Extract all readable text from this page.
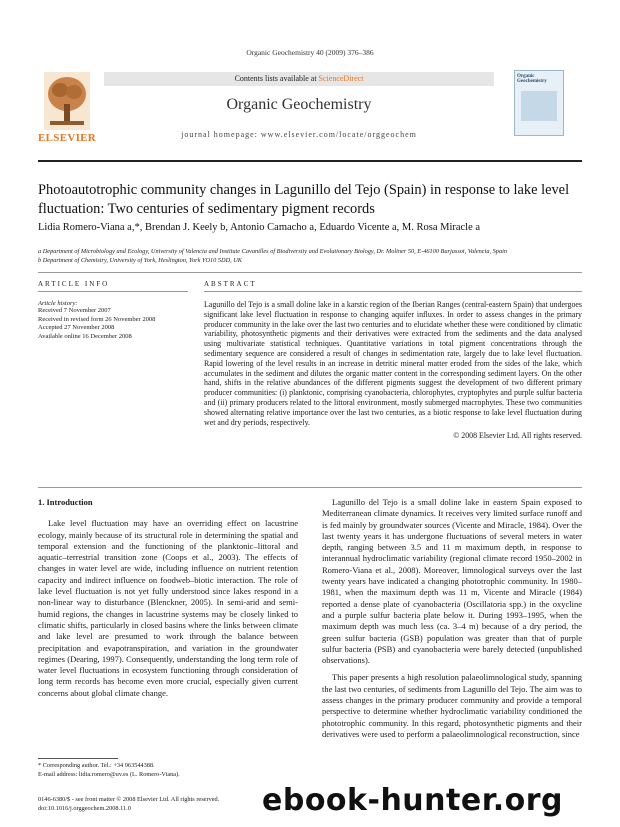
Organic Geochemistry 40 (2009) 376–386
ELSEVIER
Contents lists available at ScienceDirect
Organic Geochemistry
journal homepage: www.elsevier.com/locate/orggeochem
Organic Geochemistry
Photoautotrophic community changes in Lagunillo del Tejo (Spain) in response to lake level fluctuation: Two centuries of sedimentary pigment records
Lidia Romero-Viana a,*, Brendan J. Keely b, Antonio Camacho a, Eduardo Vicente a, M. Rosa Miracle a
a Department of Microbiology and Ecology, University of Valencia and Institute Cavanilles of Biodiversity and Evolutionary Biology, Dr. Moliner 50, E-46100 Burjassot, Valencia, Spain
b Department of Chemistry, University of York, Heslington, York YO10 5DD, UK
ARTICLE INFO
Article history:
Received 7 November 2007
Received in revised form 26 November 2008
Accepted 27 November 2008
Available online 16 December 2008
ABSTRACT
Lagunillo del Tejo is a small doline lake in a karstic region of the Iberian Ranges (central-eastern Spain) that undergoes significant lake level fluctuation in response to changing aquifer influxes. In order to assess changes in the primary producer community in the lake over the last two centuries and to elucidate whether these were conditioned by climatic variability, photosynthetic pigments and their derivatives were extracted from the sediments and the data analysed using multivariate statistical techniques. Quantitative variations in total pigment concentrations through the sedimentary sequence are considered a result of changes in sedimentation rate, largely due to lake level fluctuation. Rapid lowering of the level results in an increase in detritic mineral matter eroded from the sides of the lake, which accumulates in the sediment and dilutes the organic matter content in the corresponding sediment layers. On the other hand, shifts in the relative abundances of the different pigments suggest the development of two different primary producer communities: (i) planktonic, comprising cyanobacteria, chlorophytes, cryptophytes and purple sulfur bacteria and (ii) primary producers related to the littoral environment, mostly submerged macrophytes. These two communities showed alternating relative importance over the last two centuries, as a biotic response to lake level fluctuation during wet and dry periods, respectively.
© 2008 Elsevier Ltd. All rights reserved.
1. Introduction

Lake level fluctuation may have an overriding effect on lacustrine ecology, mainly because of its structural role in determining the spatial and temporal extension and the functioning of the planktonic–littoral and aquatic–terrestrial transition zone (Coops et al., 2003). The effects of changes in water level are wide, including influence on nutrient retention capacity and indirect influence on foodweb–biotic interaction. The role of lake level fluctuation is not yet fully understood since lakes respond in a non-linear way to disturbance (Blenckner, 2005). In semi-arid and semi-humid regions, the changes in lacustrine systems may be closely linked to climatic shifts, particularly in closed basins where the links between climate and lake level are presumed to work through the balance between precipitation and evapotranspiration, and variation in the groundwater regimes (Dearing, 1997). Consequently, understanding the long term role of water level fluctuations in ecosystem functioning through consideration of long term records has become even more crucial, especially given current concerns about global climate change.

Lagunillo del Tejo is a small doline lake in eastern Spain exposed to Mediterranean climate dynamics. It receives very limited surface runoff and is fed mainly by groundwater sources (Vicente and Miracle, 1984). Over the last twenty years it has undergone fluctuations of several meters in water depth, ranging between 3.5 and 11 m maximum depth, in response to interannual hydroclimatic variability (regional climate record 1950–2002 in Romero-Viana et al., 2008). Moreover, limnological surveys over the last twenty years have indicated a changing phototrophic community. In 1980–1981, when the maximum depth was 11 m, Vicente and Miracle (1984) reported a dense plate of cyanobacteria (Oscillatoria spp.) in the oxycline and a purple sulfur bacteria plate below it. During 1993–1995, when the maximum depth was much less (ca. 3–4 m) because of a dry period, the green sulfur bacteria (GSB) population was greater than that of purple sulfur bacteria (PSB) and cyanobacteria were barely detected (unpublished observations).

This paper presents a high resolution palaeolimnological study, spanning the last two centuries, of sediments from Lagunillo del Tejo. The aim was to assess changes in the primary producer community and provide a temporal perspective to determine whether hydroclimatic variability conditioned the phototrophic community. In this regard, photosynthetic pigments and their derivatives were used to perform a palaeolimnological reconstruction, since

* Corresponding author. Tel.: +34 963544388.
E-mail address: lidia.romero@uv.es (L. Romero-Viana).
0146-6380/$ - see front matter © 2008 Elsevier Ltd. All rights reserved.
doi:10.1016/j.orggeochem.2008.11.0	ebook-hunter.org
